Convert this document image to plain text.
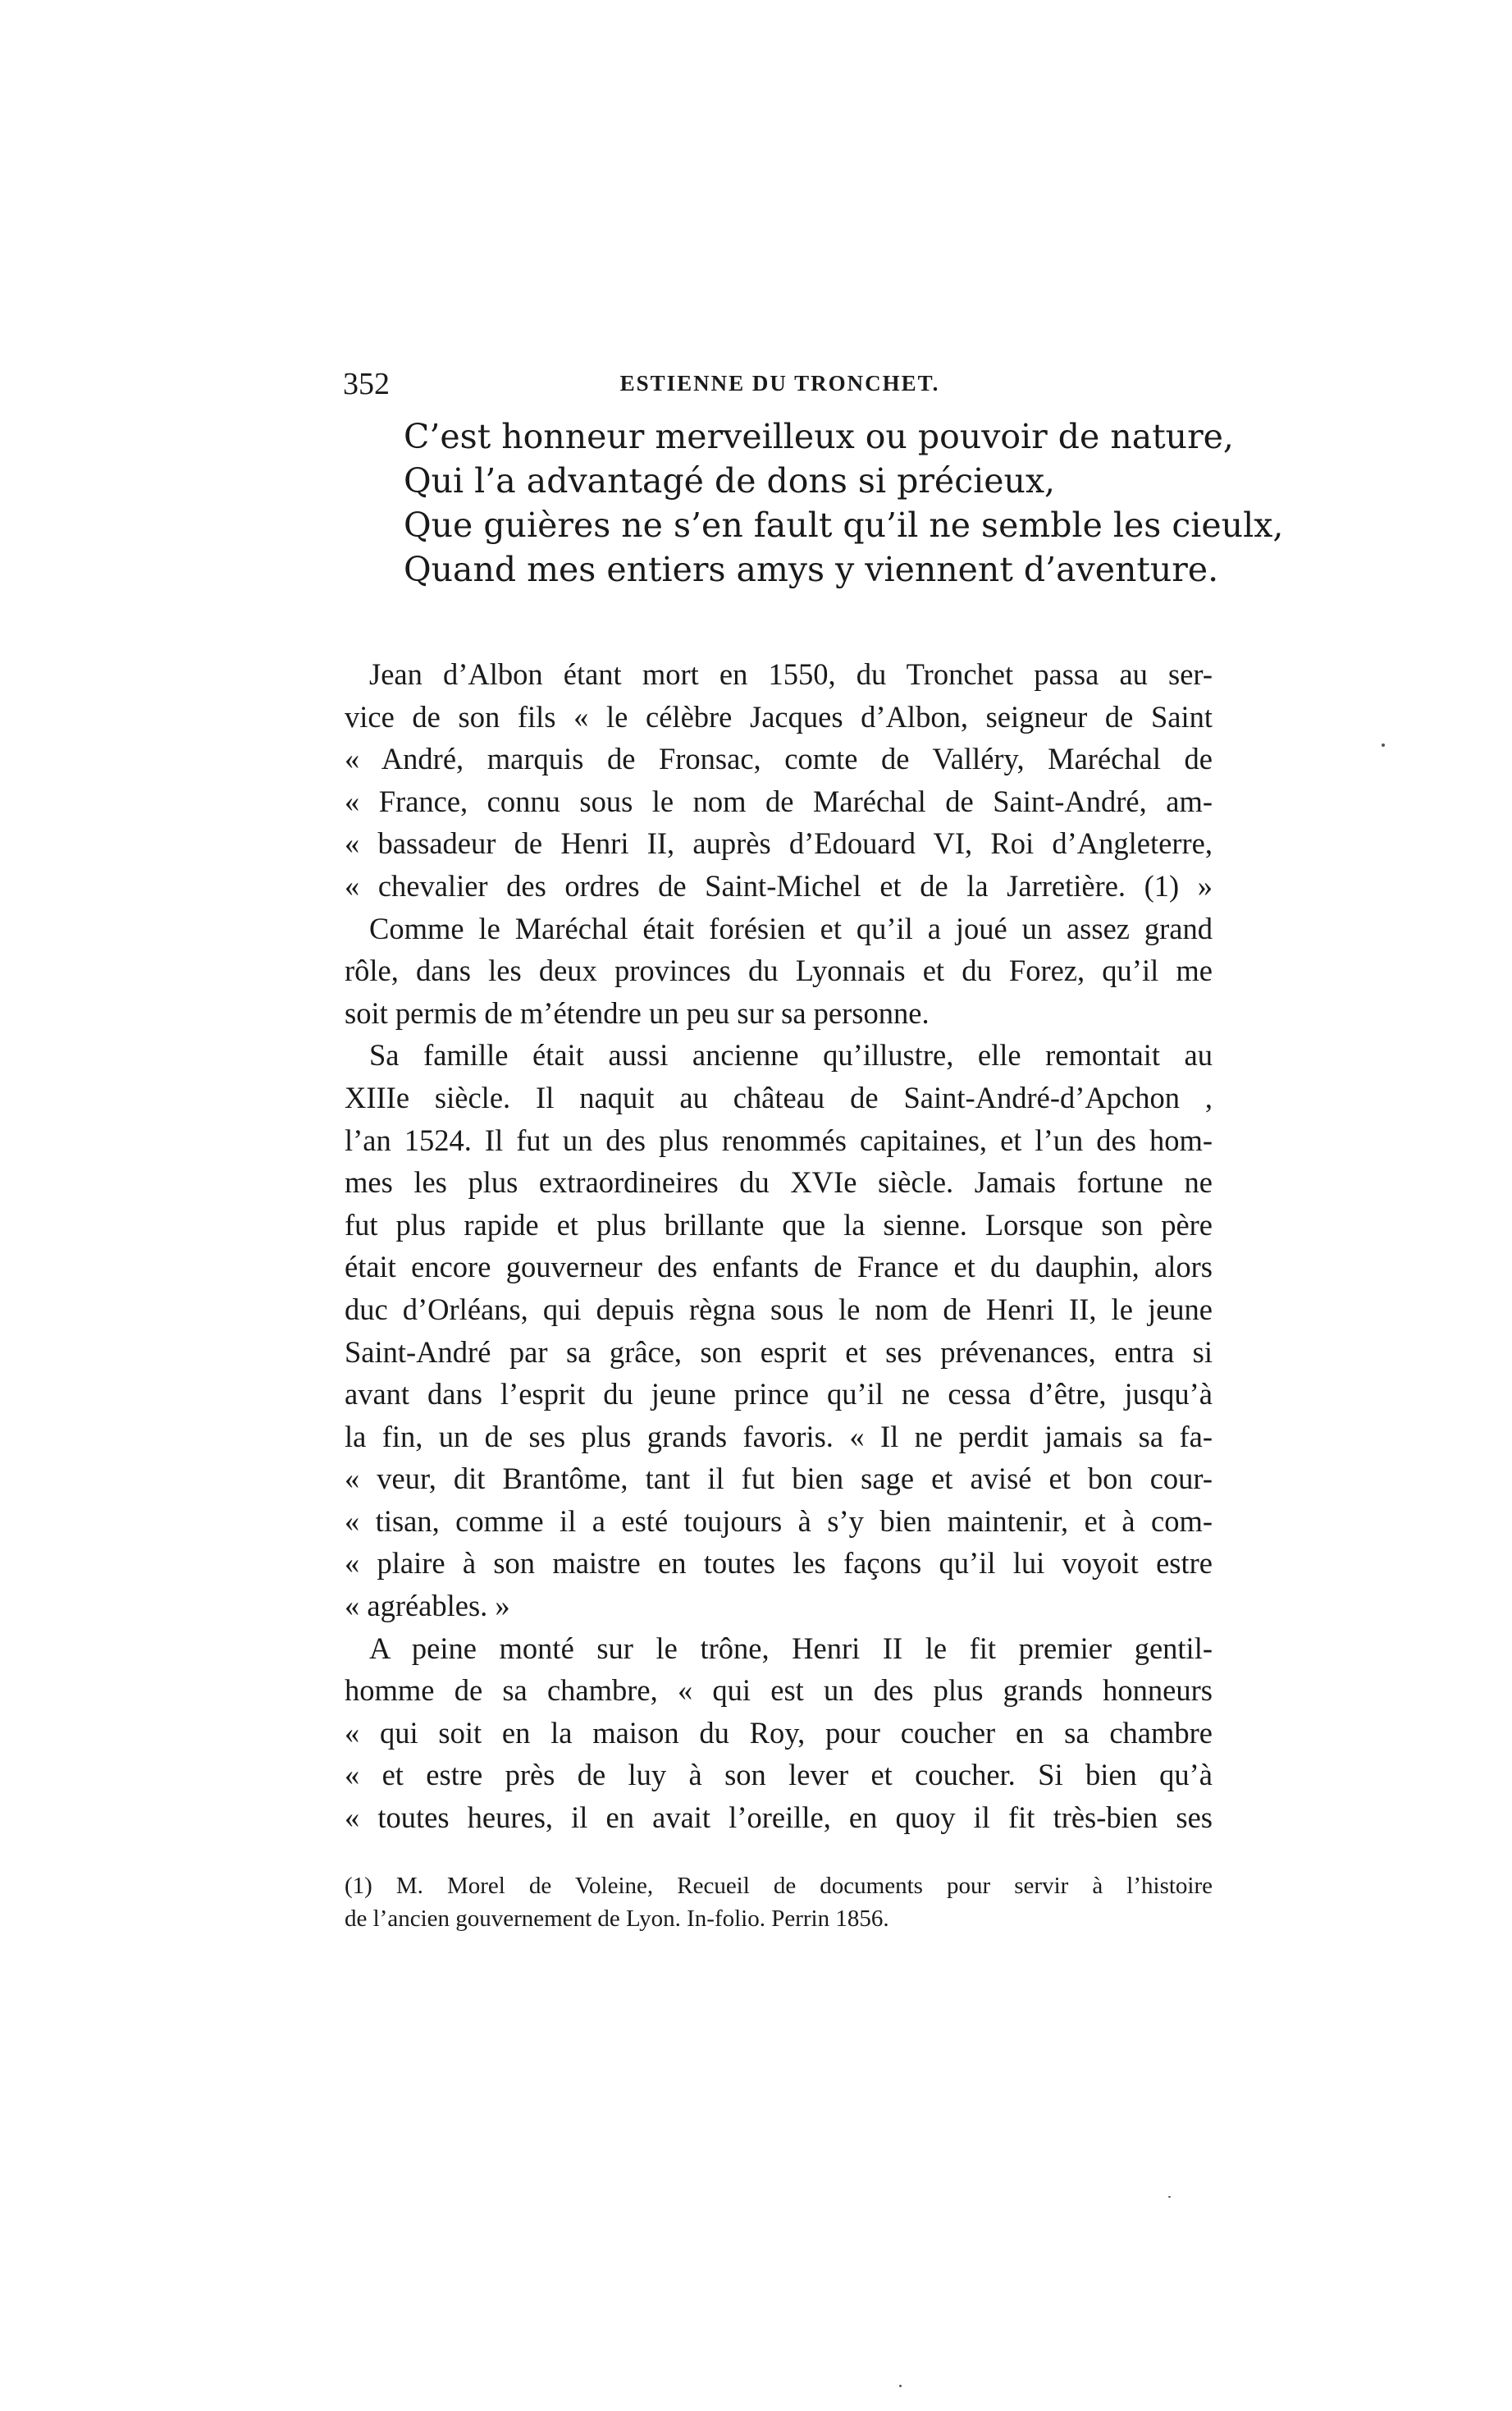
352	ESTIENNE DU TRONCHET.
C’est honneur merveilleux ou pouvoir de nature,
Qui l’a advantagé de dons si précieux,
Que guières ne s’en fault qu’il ne semble les cieulx,
Quand mes entiers amys y viennent d’aventure.
Jean d’Albon étant mort en 1550, du Tronchet passa au ser-
vice de son fils « le célèbre Jacques d’Albon, seigneur de Saint
« André, marquis de Fronsac, comte de Valléry, Maréchal de
« France, connu sous le nom de Maréchal de Saint-André, am-
« bassadeur de Henri II, auprès d’Edouard VI, Roi d’Angleterre,
« chevalier des ordres de Saint-Michel et de la Jarretière. (1) »
Comme le Maréchal était forésien et qu’il a joué un assez grand
rôle, dans les deux provinces du Lyonnais et du Forez, qu’il me
soit permis de m’étendre un peu sur sa personne.
Sa famille était aussi ancienne qu’illustre, elle remontait au
XIIIe siècle. Il naquit au château de Saint-André-d’Apchon ,
l’an 1524. Il fut un des plus renommés capitaines, et l’un des hom-
mes les plus extraordineires du XVIe siècle. Jamais fortune ne
fut plus rapide et plus brillante que la sienne. Lorsque son père
était encore gouverneur des enfants de France et du dauphin, alors
duc d’Orléans, qui depuis règna sous le nom de Henri II, le jeune
Saint-André par sa grâce, son esprit et ses prévenances, entra si
avant dans l’esprit du jeune prince qu’il ne cessa d’être, jusqu’à
la fin, un de ses plus grands favoris. « Il ne perdit jamais sa fa-
« veur, dit Brantôme, tant il fut bien sage et avisé et bon cour-
« tisan, comme il a esté toujours à s’y bien maintenir, et à com-
« plaire à son maistre en toutes les façons qu’il lui voyoit estre
« agréables. »
A peine monté sur le trône, Henri II le fit premier gentil-
homme de sa chambre, « qui est un des plus grands honneurs
« qui soit en la maison du Roy, pour coucher en sa chambre
« et estre près de luy à son lever et coucher. Si bien qu’à
« toutes heures, il en avait l’oreille, en quoy il fit très-bien ses
(1) M. Morel de Voleine, Recueil de documents pour servir à l’histoire
de l’ancien gouvernement de Lyon. In-folio. Perrin 1856.
